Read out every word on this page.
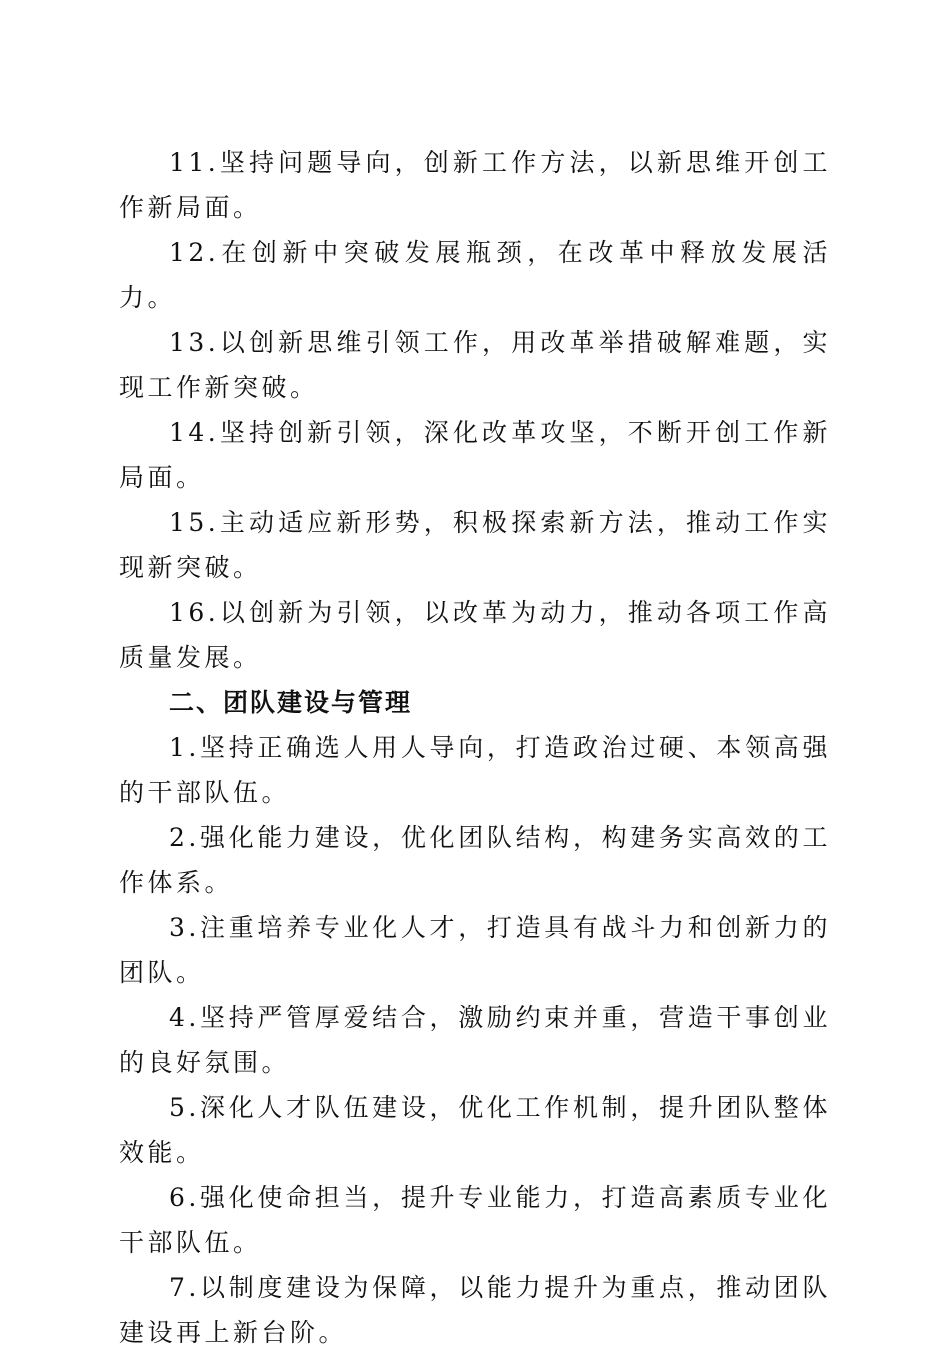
11.坚持问题导向，创新工作方法，以新思维开创工作新局面。

12.在创新中突破发展瓶颈，在改革中释放发展活力。

13.以创新思维引领工作，用改革举措破解难题，实现工作新突破。

14.坚持创新引领，深化改革攻坚，不断开创工作新局面。

15.主动适应新形势，积极探索新方法，推动工作实现新突破。

16.以创新为引领，以改革为动力，推动各项工作高质量发展。

二、团队建设与管理

1.坚持正确选人用人导向，打造政治过硬、本领高强的干部队伍。

2.强化能力建设，优化团队结构，构建务实高效的工作体系。

3.注重培养专业化人才，打造具有战斗力和创新力的团队。

4.坚持严管厚爱结合，激励约束并重，营造干事创业的良好氛围。

5.深化人才队伍建设，优化工作机制，提升团队整体效能。

6.强化使命担当，提升专业能力，打造高素质专业化干部队伍。

7.以制度建设为保障，以能力提升为重点，推动团队建设再上新台阶。
